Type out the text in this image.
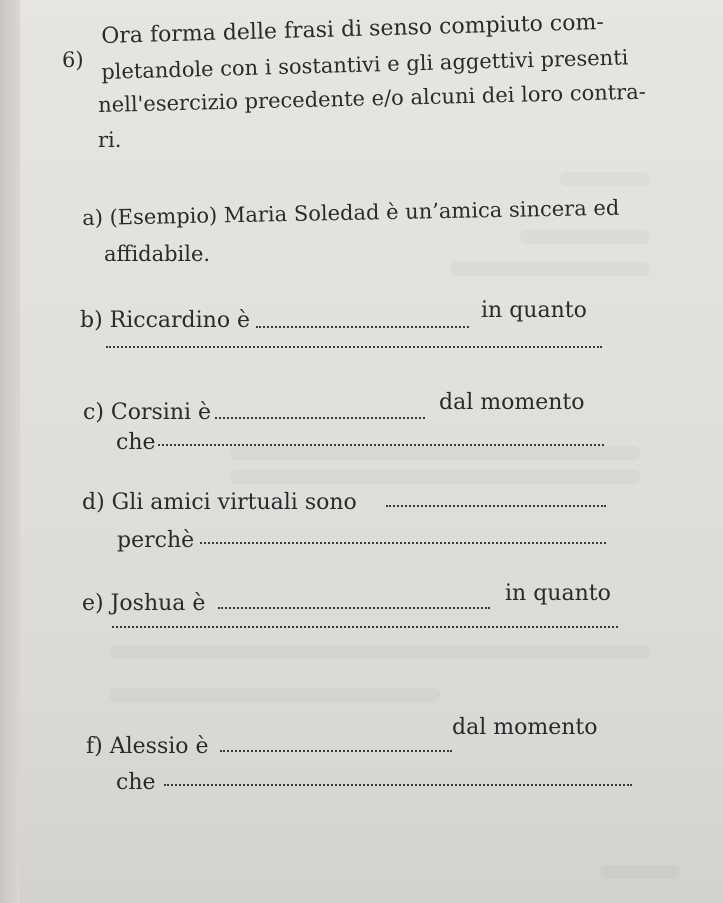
6)
Ora forma delle frasi di senso compiuto com-
pletandole con i sostantivi e gli aggettivi presenti
nell'esercizio precedente e/o alcuni dei loro contra-
ri.
a) (Esempio) Maria Soledad è un’amica sincera ed
affidabile.
b) Riccardino è	in quanto
c) Corsini è	dal momento
che
d) Gli amici virtuali sono
perchè
e) Joshua è	in quanto
f) Alessio è
dal momento
che
